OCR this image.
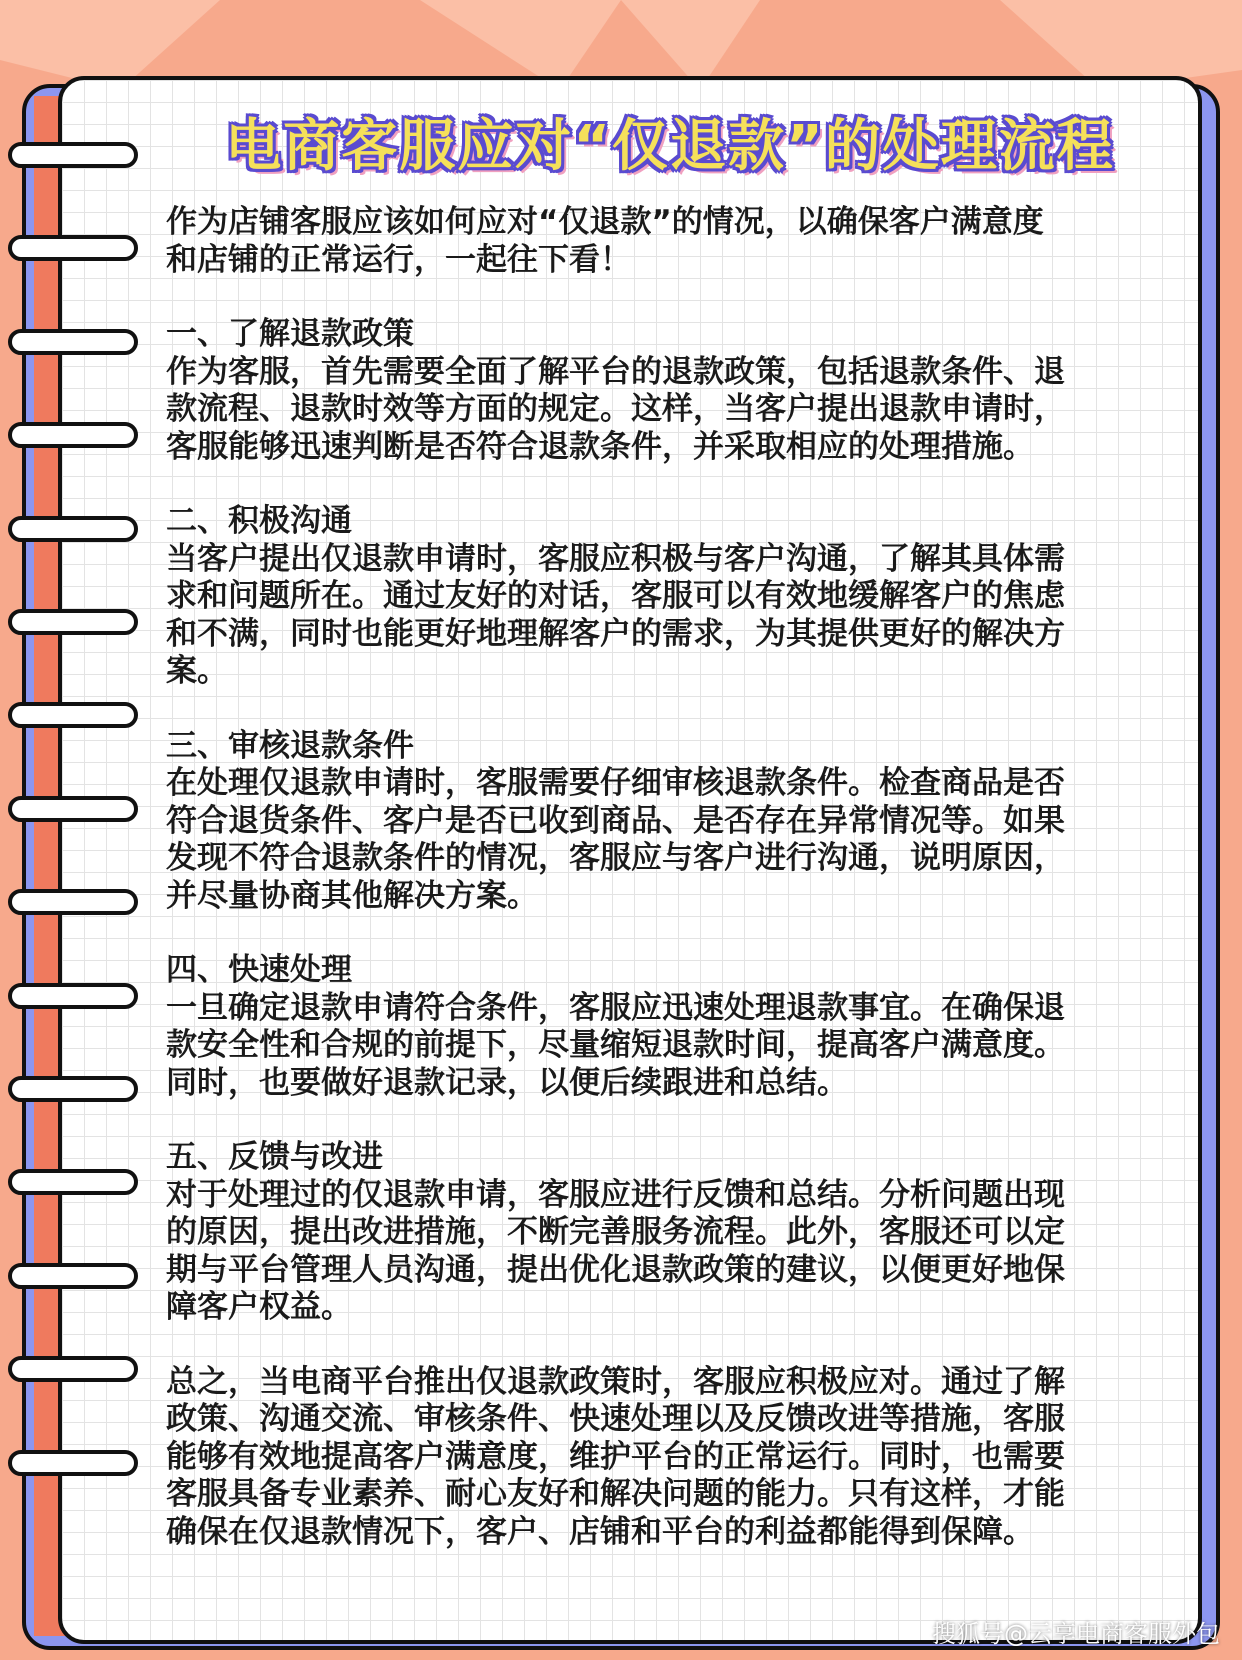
电商客服应对“仅退款”的处理流程

作为店铺客服应该如何应对“仅退款”的情况，以确保客户满意度

和店铺的正常运行，一起往下看！

一、了解退款政策

作为客服，首先需要全面了解平台的退款政策，包括退款条件、退

款流程、退款时效等方面的规定。这样，当客户提出退款申请时，

客服能够迅速判断是否符合退款条件，并采取相应的处理措施。

二、积极沟通

当客户提出仅退款申请时，客服应积极与客户沟通，了解其具体需

求和问题所在。通过友好的对话，客服可以有效地缓解客户的焦虑

和不满，同时也能更好地理解客户的需求，为其提供更好的解决方

案。

三、审核退款条件

在处理仅退款申请时，客服需要仔细审核退款条件。检查商品是否

符合退货条件、客户是否已收到商品、是否存在异常情况等。如果

发现不符合退款条件的情况，客服应与客户进行沟通，说明原因，

并尽量协商其他解决方案。

四、快速处理

一旦确定退款申请符合条件，客服应迅速处理退款事宜。在确保退

款安全性和合规的前提下，尽量缩短退款时间，提高客户满意度。

同时，也要做好退款记录，以便后续跟进和总结。

五、反馈与改进

对于处理过的仅退款申请，客服应进行反馈和总结。分析问题出现

的原因，提出改进措施，不断完善服务流程。此外，客服还可以定

期与平台管理人员沟通，提出优化退款政策的建议，以便更好地保

障客户权益。

总之，当电商平台推出仅退款政策时，客服应积极应对。通过了解

政策、沟通交流、审核条件、快速处理以及反馈改进等措施，客服

能够有效地提高客户满意度，维护平台的正常运行。同时，也需要

客服具备专业素养、耐心友好和解决问题的能力。只有这样，才能

确保在仅退款情况下，客户、店铺和平台的利益都能得到保障。

搜狐号@云享电商客服外包
